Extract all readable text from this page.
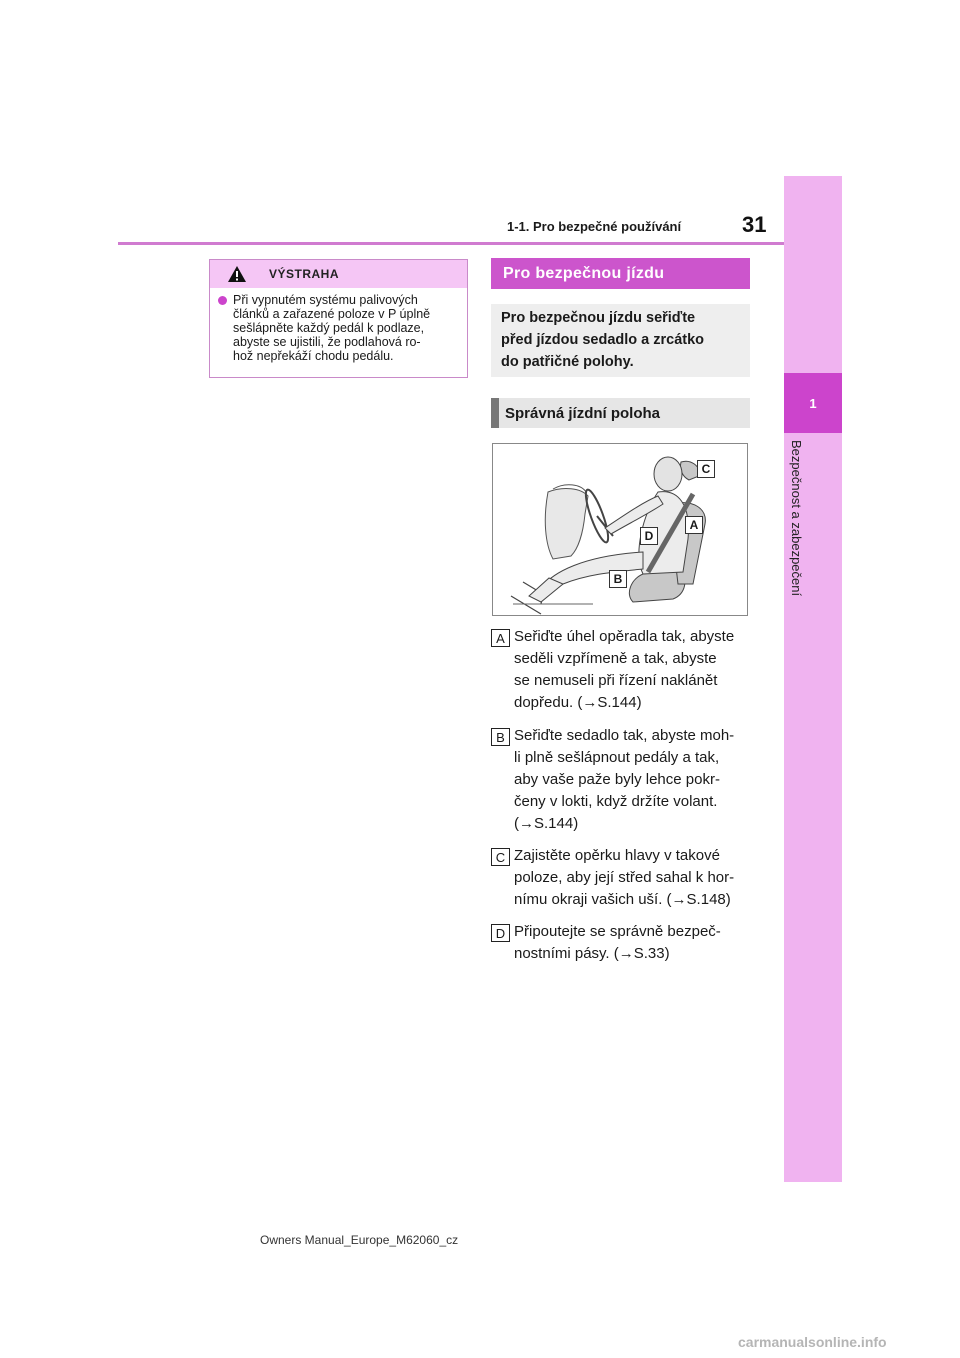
1
Bezpečnost a zabezpečení
1-1. Pro bezpečné používání	31
VÝSTRAHA
Při vypnutém systému palivových
článků a zařazené poloze v P úplně
sešlápněte každý pedál k podlaze,
abyste se ujistili, že podlahová ro-
hož nepřekáží chodu pedálu.
Pro bezpečnou jízdu
Pro bezpečnou jízdu seřiďte
před jízdou sedadlo a zrcátko
do patřičné polohy.
Správná jízdní poloha
C
A
D
B
A Seřiďte úhel opěradla tak, abyste
seděli vzpřímeně a tak, abyste
se nemuseli při řízení naklánět
dopředu. (→S.144)
B Seřiďte sedadlo tak, abyste moh-
li plně sešlápnout pedály a tak,
aby vaše paže byly lehce pokr-
čeny v lokti, když držíte volant.
(→S.144)
C Zajistěte opěrku hlavy v takové
poloze, aby její střed sahal k hor-
nímu okraji vašich uší. (→S.148)
D Připoutejte se správně bezpeč-
nostními pásy. (→S.33)
Owners Manual_Europe_M62060_cz
carmanualsonline.info
